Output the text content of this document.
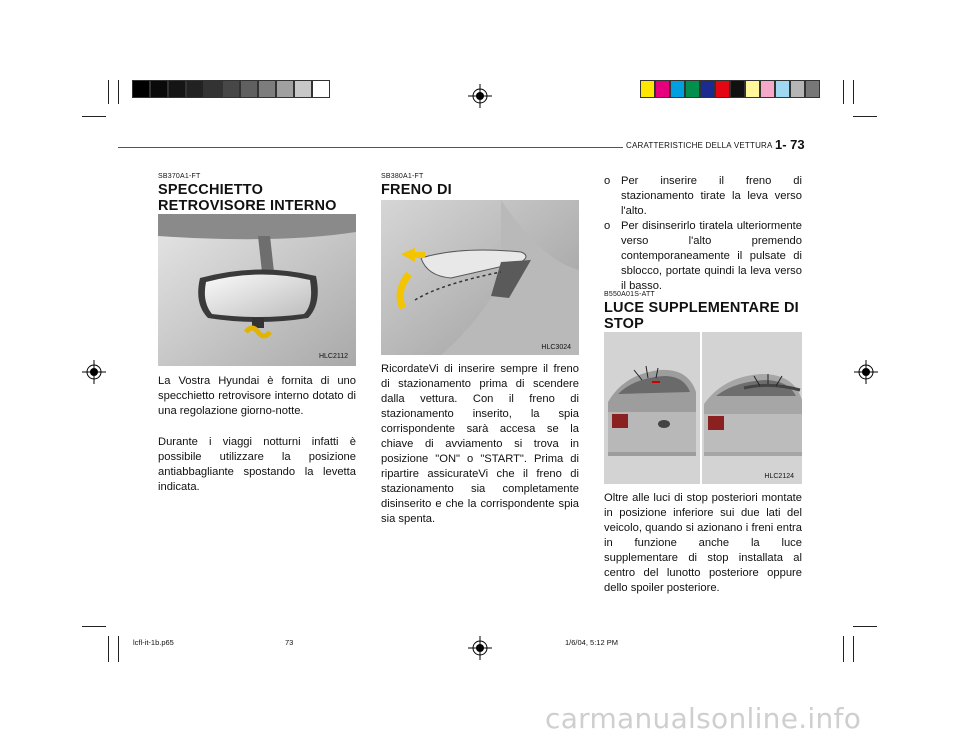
CARATTERISTICHE DELLA VETTURA 1- 73
SB370A1-FT
SPECCHIETTO RETROVISORE INTERNO
HLC2112

La Vostra Hyundai è fornita di uno specchietto retrovisore interno dotato di una regolazione giorno-notte.

Durante i viaggi notturni infatti è possibile utilizzare la posizione antiabbagliante spostando la levetta indicata.

SB380A1-FT
FRENO DI
HLC3024

RicordateVi di inserire sempre il freno di stazionamento prima di scendere dalla vettura. Con il freno di stazionamento inserito, la spia corrispondente sarà accesa se la chiave di avviamento si trova in posizione "ON" o "START". Prima di ripartire assicurateVi che il freno di stazionamento sia completamente disinserito e che la corrispondente spia sia spenta.

o Per inserire il freno di stazionamento tirate la leva verso l'alto.
o Per disinserirlo tiratela ulteriormente verso l'alto premendo contemporaneamente il pulsate di sblocco, portate quindi la leva verso il basso.
B550A01S-ATT
LUCE SUPPLEMENTARE DI STOP
HLC2124

Oltre alle luci di stop posteriori montate in posizione inferiore sui due lati del veicolo, quando si azionano i freni entra in funzione anche la luce supplementare di stop installata al centro del lunotto posteriore oppure dello spoiler posteriore.

lcfl-it-1b.p65	73	1/6/04, 5:12 PM
carmanualsonline.info
